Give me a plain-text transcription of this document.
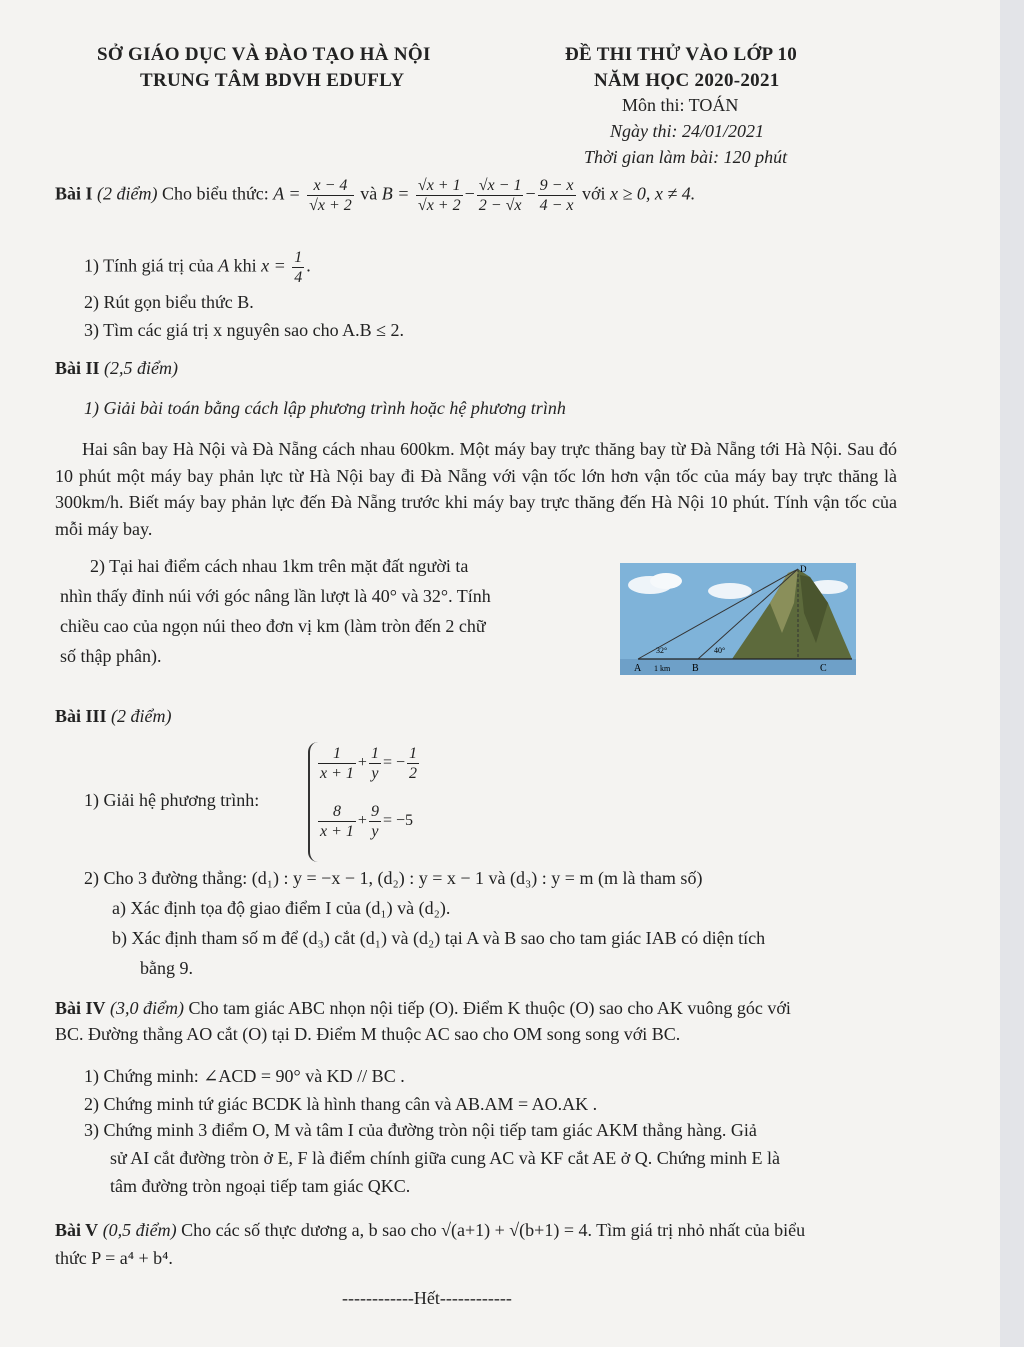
SỞ GIÁO DỤC VÀ ĐÀO TẠO HÀ NỘI
TRUNG TÂM BDVH EDUFLY
ĐỀ THI THỬ VÀO LỚP 10
NĂM HỌC 2020-2021
Môn thi: TOÁN
Ngày thi: 24/01/2021
Thời gian làm bài: 120 phút
Bài I (2 điểm) Cho biểu thức: $A = \frac{x - 4}{√x + 2}$ và $B = \frac{√x + 1}{√x + 2} - \frac{√x - 1}{2 - √x} - \frac{9 - x}{4 - x}$ với x ≥ 0, x ≠ 4.
1) Tính giá trị của A khi $x = \frac{1}{4}$ .
2) Rút gọn biểu thức B.
3) Tìm các giá trị x nguyên sao cho A.B ≤ 2.
Bài II (2,5 điểm)
1) Giải bài toán bằng cách lập phương trình hoặc hệ phương trình
Hai sân bay Hà Nội và Đà Nẵng cách nhau 600km. Một máy bay trực thăng bay từ Đà Nẵng tới Hà Nội. Sau đó 10 phút một máy bay phản lực từ Hà Nội bay đi Đà Nẵng với vận tốc lớn hơn vận tốc của máy bay trực thăng là 300km/h. Biết máy bay phản lực đến Đà Nẵng trước khi máy bay trực thăng đến Hà Nội 10 phút. Tính vận tốc của mỗi máy bay.
2) Tại hai điểm cách nhau 1km trên mặt đất người ta
nhìn thấy đỉnh núi với góc nâng lần lượt là 40° và 32°. Tính
chiều cao của ngọn núi theo đơn vị km (làm tròn đến 2 chữ
số thập phân).
D
A 1 km B	C
32°	40°
Bài III (2 điểm)
1) Giải hệ phương trình:
$\frac{1}{x + 1} + \frac{1}{y}$ = − $\frac{1}{2}$
$\frac{8}{x + 1} + \frac{9}{y} = -5$
2) Cho 3 đường thẳng: (d₁) : y = −x − 1, (d₂) : y = x − 1 và (d₃) : y = m (m là tham số)
a) Xác định tọa độ giao điểm I của (d₁) và (d₂).
b) Xác định tham số m để (d₃) cắt (d₁) và (d₂) tại A và B sao cho tam giác IAB có diện tích
bằng 9.
Bài IV (3,0 điểm) Cho tam giác ABC nhọn nội tiếp (O). Điểm K thuộc (O) sao cho AK vuông góc với
BC. Đường thẳng AO cắt (O) tại D. Điểm M thuộc AC sao cho OM song song với BC.
1) Chứng minh: ∠ACD = 90° và KD // BC .
2) Chứng minh tứ giác BCDK là hình thang cân và AB.AM = AO.AK .
3) Chứng minh 3 điểm O, M và tâm I của đường tròn nội tiếp tam giác AKM thẳng hàng. Giả
sử AI cắt đường tròn ở E, F là điểm chính giữa cung AC và KF cắt AE ở Q. Chứng minh E là
tâm đường tròn ngoại tiếp tam giác QKC.
Bài V (0,5 điểm) Cho các số thực dương a, b sao cho √(a+1) + √(b+1) = 4. Tìm giá trị nhỏ nhất của biểu
thức P = a⁴ + b⁴.
------------Hết------------
